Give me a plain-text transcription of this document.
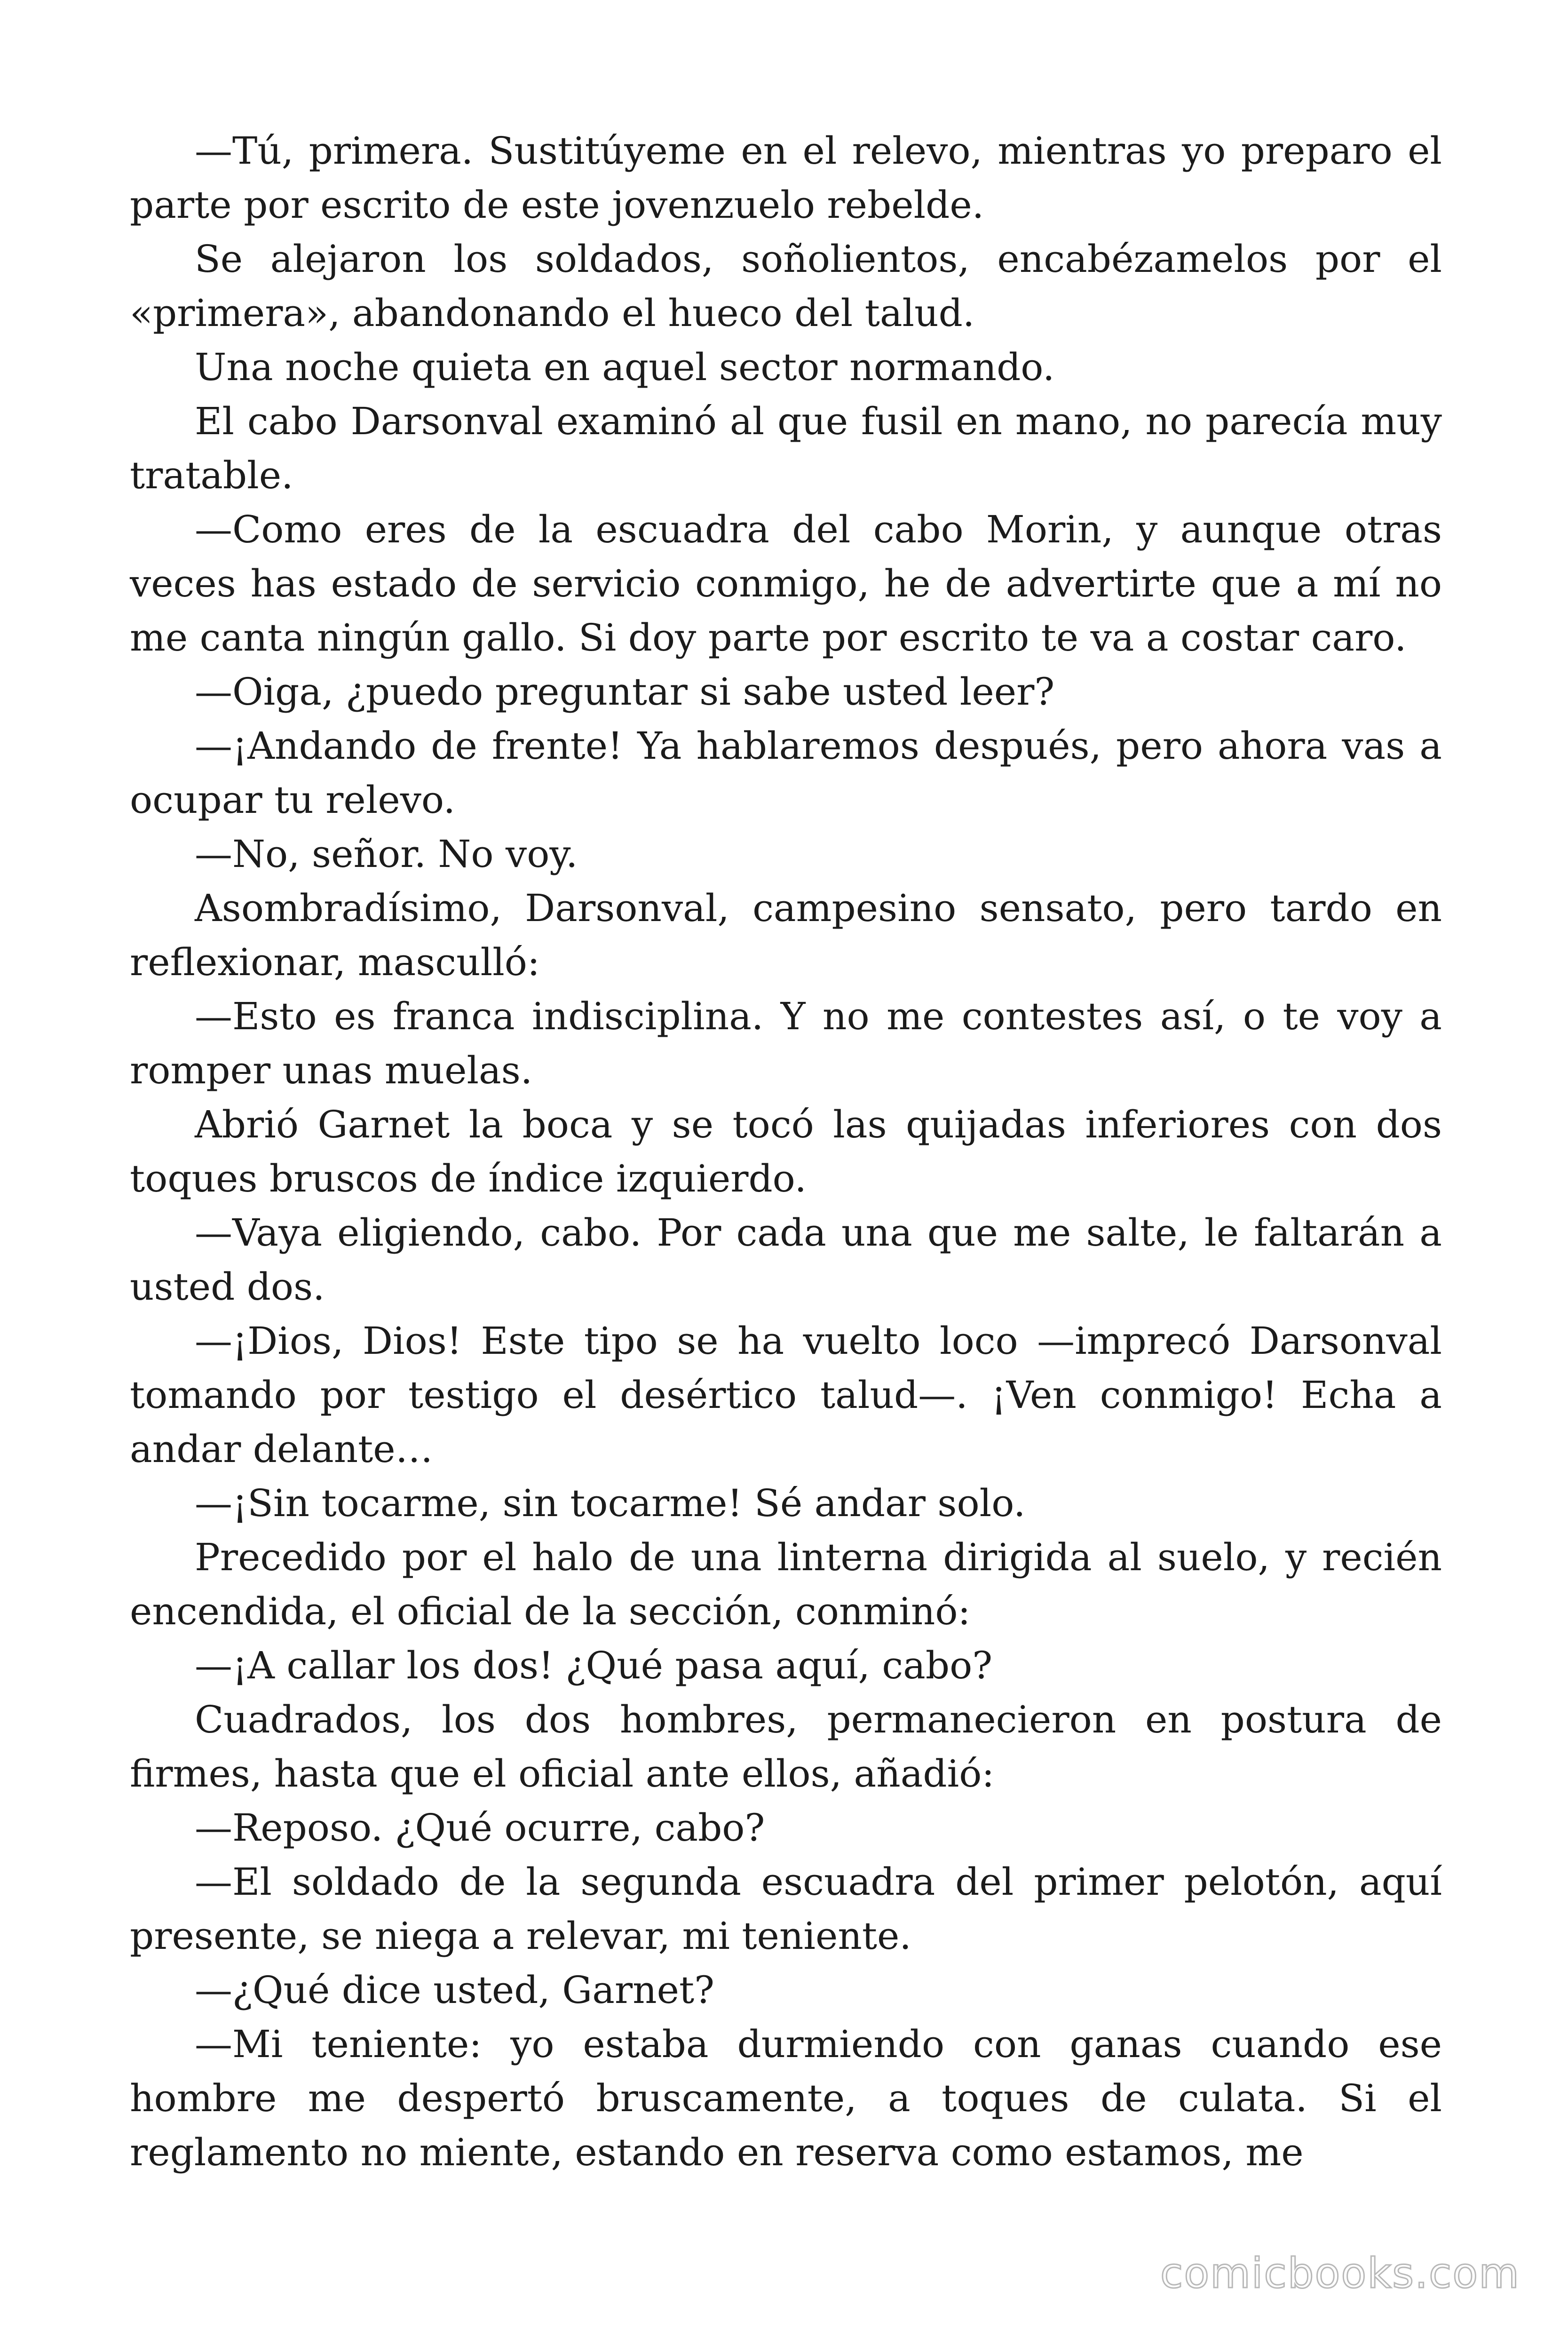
—Tú, primera. Sustitúyeme en el relevo, mientras yo preparo el parte por escrito de este jovenzuelo rebelde.

Se alejaron los soldados, soñolientos, encabézamelos por el «primera», abandonando el hueco del talud.

Una noche quieta en aquel sector normando.

El cabo Darsonval examinó al que fusil en mano, no parecía muy tratable.

—Como eres de la escuadra del cabo Morin, y aunque otras veces has estado de servicio conmigo, he de advertirte que a mí no me canta ningún gallo. Si doy parte por escrito te va a costar caro.

—Oiga, ¿puedo preguntar si sabe usted leer?

—¡Andando de frente! Ya hablaremos después, pero ahora vas a ocupar tu relevo.

—No, señor. No voy.

Asombradísimo, Darsonval, campesino sensato, pero tardo en reflexionar, masculló:

—Esto es franca indisciplina. Y no me contestes así, o te voy a romper unas muelas.

Abrió Garnet la boca y se tocó las quijadas inferiores con dos toques bruscos de índice izquierdo.

—Vaya eligiendo, cabo. Por cada una que me salte, le faltarán a usted dos.

—¡Dios, Dios! Este tipo se ha vuelto loco —imprecó Darsonval tomando por testigo el desértico talud—. ¡Ven conmigo! Echa a andar delante…

—¡Sin tocarme, sin tocarme! Sé andar solo.

Precedido por el halo de una linterna dirigida al suelo, y recién encendida, el oficial de la sección, conminó:

—¡A callar los dos! ¿Qué pasa aquí, cabo?

Cuadrados, los dos hombres, permanecieron en postura de firmes, hasta que el oficial ante ellos, añadió:

—Reposo. ¿Qué ocurre, cabo?

—El soldado de la segunda escuadra del primer pelotón, aquí presente, se niega a relevar, mi teniente.

—¿Qué dice usted, Garnet?

—Mi teniente: yo estaba durmiendo con ganas cuando ese hombre me despertó bruscamente, a toques de culata. Si el reglamento no miente, estando en reserva como estamos, me

comicbooks.com
